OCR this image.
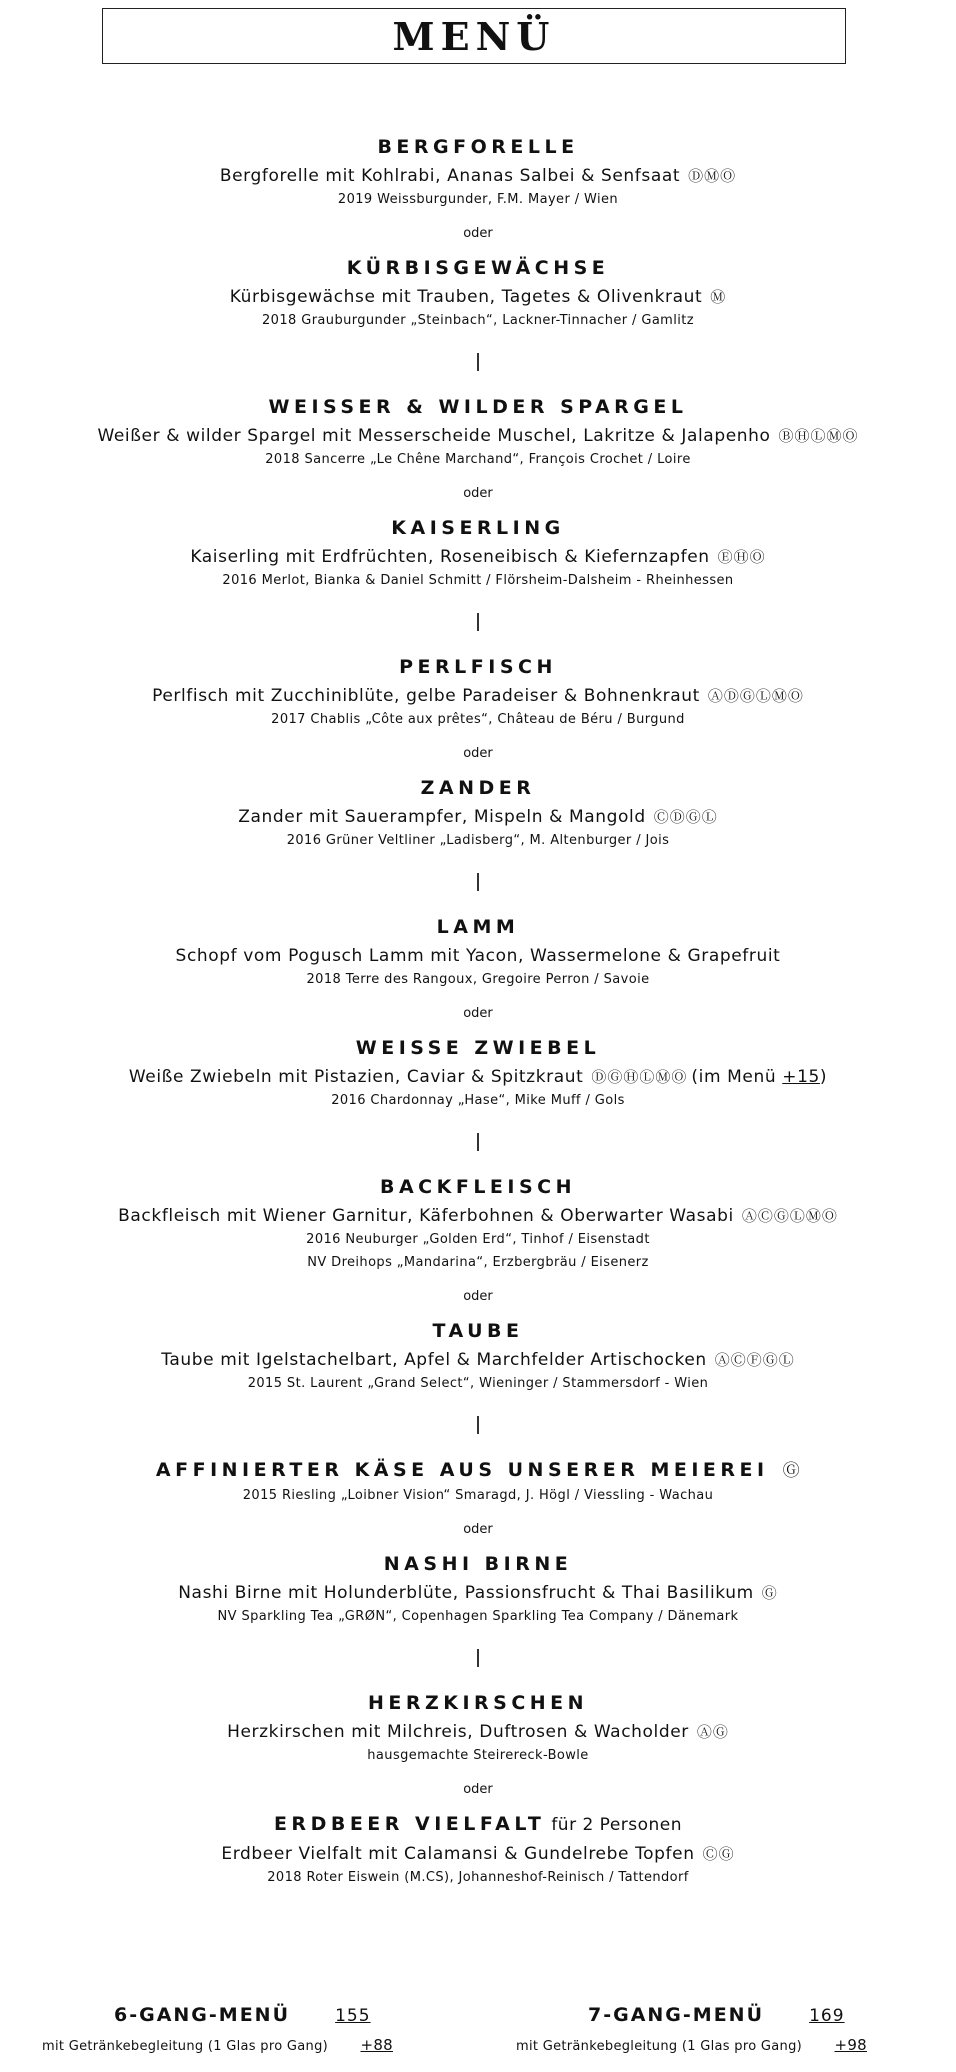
MENÜ
BERGFORELLE
Bergforelle mit Kohlrabi, Ananas Salbei & Senfsaat ⒹⓂⓄ
2019 Weissburgunder, F.M. Mayer / Wien
oder
KÜRBISGEWÄCHSE
Kürbisgewächse mit Trauben, Tagetes & Olivenkraut Ⓜ
2018 Grauburgunder „Steinbach“, Lackner-Tinnacher / Gamlitz
WEISSER & WILDER SPARGEL
Weißer & wilder Spargel mit Messerscheide Muschel, Lakritze & Jalapenho ⒷⒽⓁⓂⓄ
2018 Sancerre „Le Chêne Marchand“, François Crochet / Loire
oder
KAISERLING
Kaiserling mit Erdfrüchten, Roseneibisch & Kiefernzapfen ⒺⒽⓄ
2016 Merlot, Bianka & Daniel Schmitt / Flörsheim-Dalsheim - Rheinhessen
PERLFISCH
Perlfisch mit Zucchiniblüte, gelbe Paradeiser & Bohnenkraut ⒶⒹⒼⓁⓂⓄ
2017 Chablis „Côte aux prêtes“, Château de Béru / Burgund
oder
ZANDER
Zander mit Sauerampfer, Mispeln & Mangold ⒸⒹⒼⓁ
2016 Grüner Veltliner „Ladisberg“, M. Altenburger / Jois
LAMM
Schopf vom Pogusch Lamm mit Yacon, Wassermelone & Grapefruit
2018 Terre des Rangoux, Gregoire Perron / Savoie
oder
WEISSE ZWIEBEL
Weiße Zwiebeln mit Pistazien, Caviar & Spitzkraut ⒹⒼⒽⓁⓂⓄ (im Menü +15)
2016 Chardonnay „Hase“, Mike Muff / Gols
BACKFLEISCH
Backfleisch mit Wiener Garnitur, Käferbohnen & Oberwarter Wasabi ⒶⒸⒼⓁⓂⓄ
2016 Neuburger „Golden Erd“, Tinhof / Eisenstadt
NV Dreihops „Mandarina“, Erzbergbräu / Eisenerz
oder
TAUBE
Taube mit Igelstachelbart, Apfel & Marchfelder Artischocken ⒶⒸⒻⒼⓁ
2015 St. Laurent „Grand Select“, Wieninger / Stammersdorf - Wien
AFFINIERTER KÄSE AUS UNSERER MEIEREI Ⓖ
2015 Riesling „Loibner Vision“ Smaragd, J. Högl / Viessling - Wachau
oder
NASHI BIRNE
Nashi Birne mit Holunderblüte, Passionsfrucht & Thai Basilikum Ⓖ
NV Sparkling Tea „GRØN“, Copenhagen Sparkling Tea Company / Dänemark
HERZKIRSCHEN
Herzkirschen mit Milchreis, Duftrosen & Wacholder ⒶⒼ
hausgemachte Steirereck-Bowle
oder
ERDBEER VIELFALT für 2 Personen
Erdbeer Vielfalt mit Calamansi & Gundelrebe Topfen ⒸⒼ
2018 Roter Eiswein (M.CS), Johanneshof-Reinisch / Tattendorf
6-GANG-MENÜ	155
mit Getränkebegleitung (1 Glas pro Gang) +88
7-GANG-MENÜ	169
mit Getränkebegleitung (1 Glas pro Gang) +98
